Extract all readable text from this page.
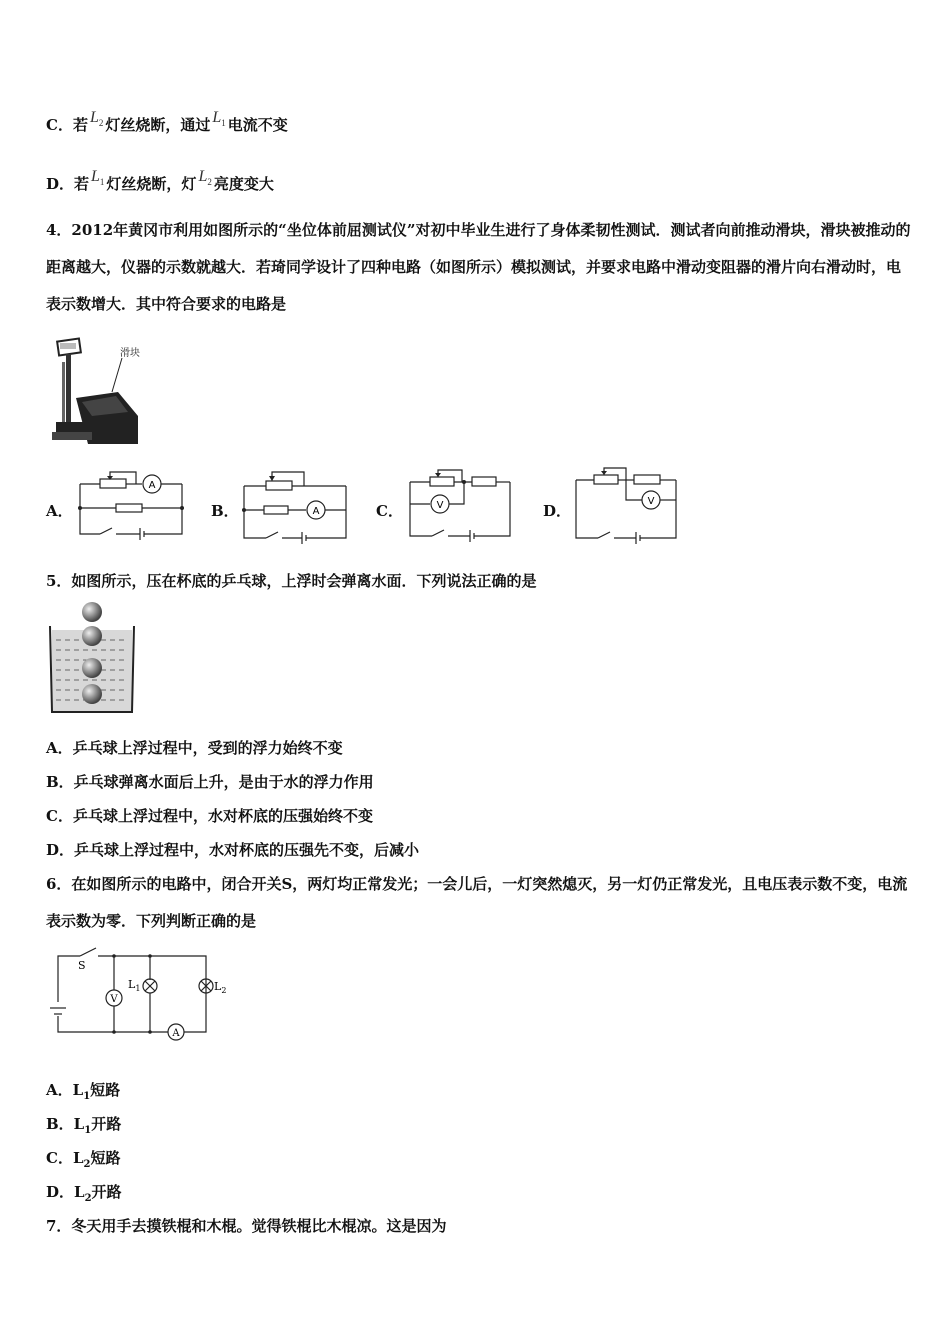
C．若 $L_2$ 灯丝烧断，通过 $L_1$ 电流不变
D．若 $L_1$ 灯丝烧断，灯 $L_2$ 亮度变大
4．2012年黄冈市利用如图所示的“坐位体前屈测试仪”对初中毕业生进行了身体柔韧性测试．测试者向前推动滑块，滑块被推动的距离越大，仪器的示数就越大．若琦同学设计了四种电路（如图所示）模拟测试，并要求电路中滑动变阻器的滑片向右滑动时，电表示数增大．其中符合要求的电路是
滑块
A．	B．	C．	D．
A
A
V	V
5．如图所示，压在杯底的乒乓球，上浮时会弹离水面．下列说法正确的是
A．乒乓球上浮过程中，受到的浮力始终不变
B．乒乓球弹离水面后上升，是由于水的浮力作用
C．乒乓球上浮过程中，水对杯底的压强始终不变
D．乒乓球上浮过程中，水对杯底的压强先不变，后减小
6．在如图所示的电路中，闭合开关S，两灯均正常发光；一会儿后，一灯突然熄灭，另一灯仍正常发光，且电压表示数不变，电流表示数为零．下列判断正确的是
S
V
A
$L_1$	$L_2$
A．$L_1$短路
B．$L_1$开路
C．$L_2$短路
D．$L_2$开路
7．冬天用手去摸铁棍和木棍。觉得铁棍比木棍凉。这是因为
